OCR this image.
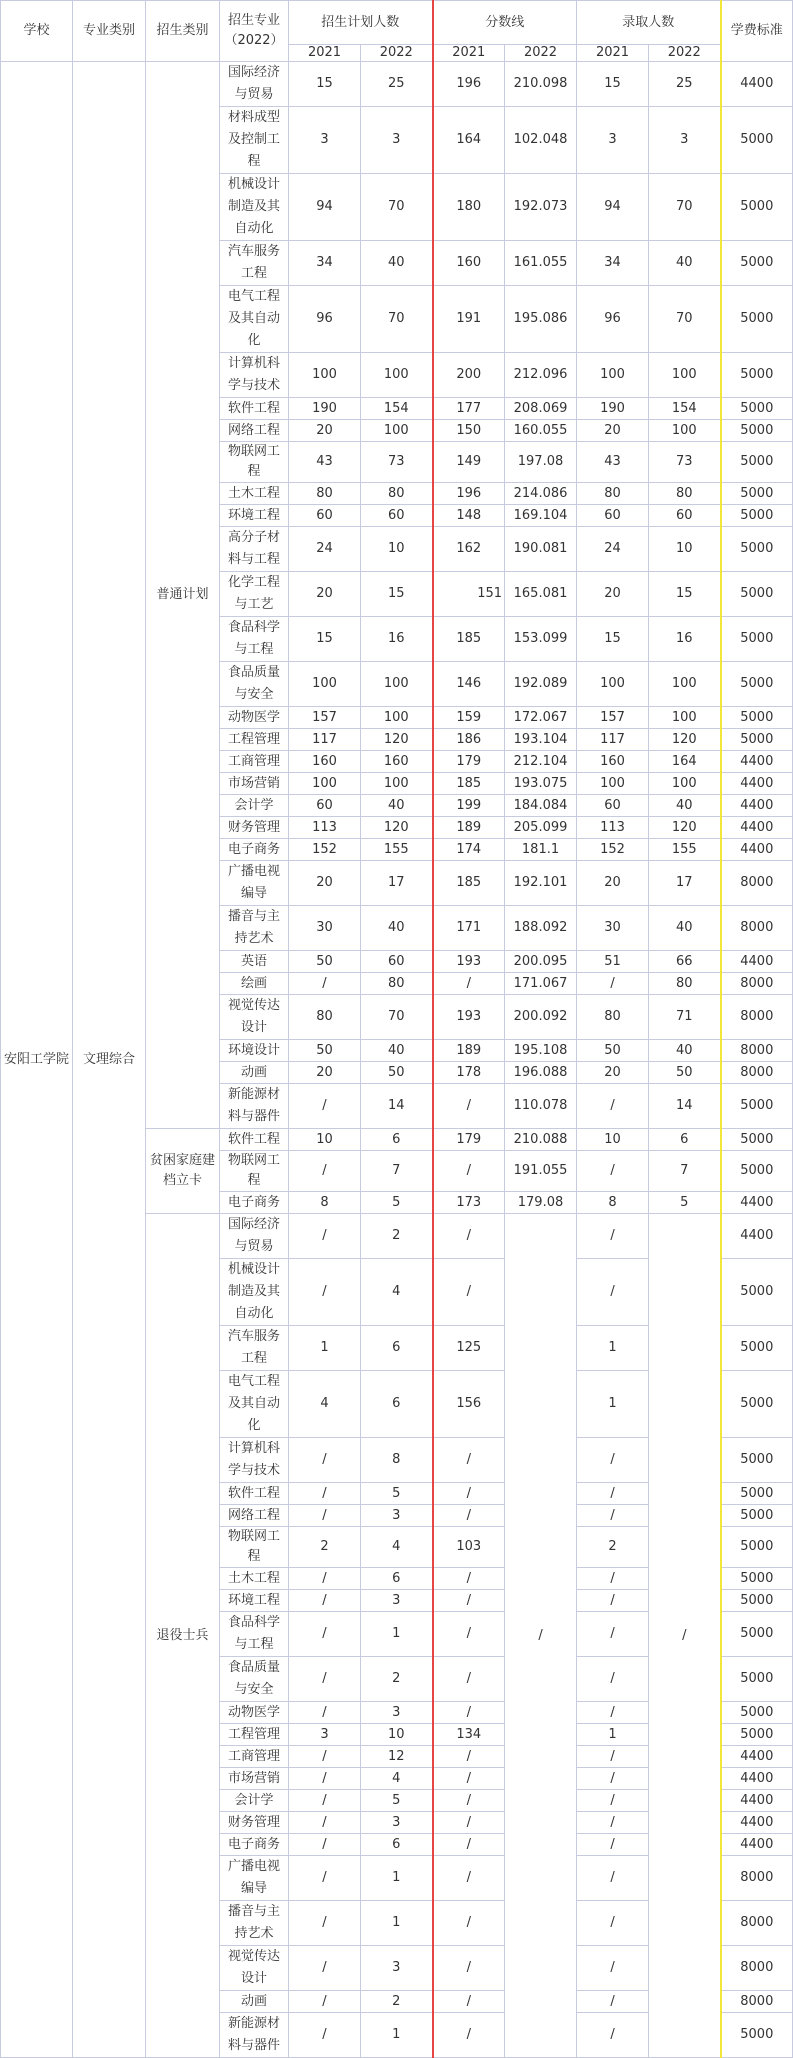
学校	专业类别	招生类别	招生专业（2022）	招生计划人数		分数线		录取人数		学费标准
				2021	2022	2021	2022	2021	2022	
安阳工学院	文理综合	普通计划	国际经济与贸易	15	25	196	210.098	15	25	4400
			材料成型及控制工程	3	3	164	102.048	3	3	5000
			机械设计制造及其自动化	94	70	180	192.073	94	70	5000
			汽车服务工程	34	40	160	161.055	34	40	5000
			电气工程及其自动化	96	70	191	195.086	96	70	5000
			计算机科学与技术	100	100	200	212.096	100	100	5000
			软件工程	190	154	177	208.069	190	154	5000
			网络工程	20	100	150	160.055	20	100	5000
			物联网工程	43	73	149	197.08	43	73	5000
			土木工程	80	80	196	214.086	80	80	5000
			环境工程	60	60	148	169.104	60	60	5000
			高分子材料与工程	24	10	162	190.081	24	10	5000
			化学工程与工艺	20	15	151	165.081	20	15	5000
			食品科学与工程	15	16	185	153.099	15	16	5000
			食品质量与安全	100	100	146	192.089	100	100	5000
			动物医学	157	100	159	172.067	157	100	5000
			工程管理	117	120	186	193.104	117	120	5000
			工商管理	160	160	179	212.104	160	164	4400
			市场营销	100	100	185	193.075	100	100	4400
			会计学	60	40	199	184.084	60	40	4400
			财务管理	113	120	189	205.099	113	120	4400
			电子商务	152	155	174	181.1	152	155	4400
			广播电视编导	20	17	185	192.101	20	17	8000
			播音与主持艺术	30	40	171	188.092	30	40	8000
			英语	50	60	193	200.095	51	66	4400
			绘画	/	80	/	171.067	/	80	8000
			视觉传达设计	80	70	193	200.092	80	71	8000
			环境设计	50	40	189	195.108	50	40	8000
			动画	20	50	178	196.088	20	50	8000
			新能源材料与器件	/	14	/	110.078	/	14	5000
		贫困家庭建档立卡	软件工程	10	6	179	210.088	10	6	5000
			物联网工程	/	7	/	191.055	/	7	5000
			电子商务	8	5	173	179.08	8	5	4400
		退役士兵	国际经济与贸易	/	2	/	/	/	/	4400
			机械设计制造及其自动化	/	4	/		/		5000
			汽车服务工程	1	6	125		1		5000
			电气工程及其自动化	4	6	156		1		5000
			计算机科学与技术	/	8	/		/		5000
			软件工程	/	5	/		/		5000
			网络工程	/	3	/		/		5000
			物联网工程	2	4	103		2		5000
			土木工程	/	6	/		/		5000
			环境工程	/	3	/		/		5000
			食品科学与工程	/	1	/		/		5000
			食品质量与安全	/	2	/		/		5000
			动物医学	/	3	/		/		5000
			工程管理	3	10	134		1		5000
			工商管理	/	12	/		/		4400
			市场营销	/	4	/		/		4400
			会计学	/	5	/		/		4400
			财务管理	/	3	/		/		4400
			电子商务	/	6	/		/		4400
			广播电视编导	/	1	/		/		8000
			播音与主持艺术	/	1	/		/		8000
			视觉传达设计	/	3	/		/		8000
			动画	/	2	/		/		8000
			新能源材料与器件	/	1	/		/		5000
